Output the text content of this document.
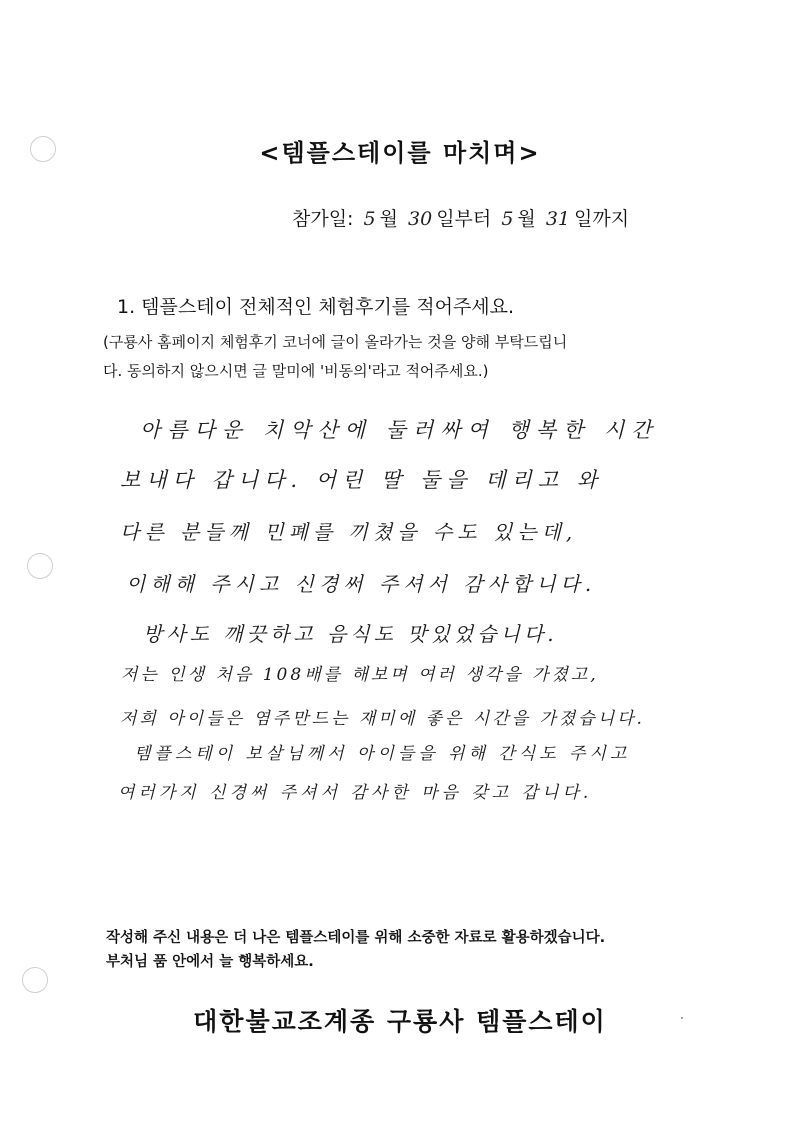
<템플스테이를 마치며>
참가일: 5 월 30 일부터 5 월 31 일까지
1. 템플스테이 전체적인 체험후기를 적어주세요.
(구룡사 홈페이지 체험후기 코너에 글이 올라가는 것을 양해 부탁드립니
다. 동의하지 않으시면 글 말미에 '비동의'라고 적어주세요.)
아름다운 치악산에 둘러싸여 행복한 시간
보내다 갑니다. 어린 딸 둘을 데리고 와
다른 분들께 민폐를 끼쳤을 수도 있는데,
이해해 주시고 신경써 주셔서 감사합니다.
방사도 깨끗하고 음식도 맛있었습니다.
저는 인생 처음 108배를 해보며 여러 생각을 가졌고,
저희 아이들은 염주만드는 재미에 좋은 시간을 가졌습니다.
템플스테이 보살님께서 아이들을 위해 간식도 주시고
여러가지 신경써 주셔서 감사한 마음 갖고 갑니다.
작성해 주신 내용은 더 나은 템플스테이를 위해 소중한 자료로 활용하겠습니다.
부처님 품 안에서 늘 행복하세요.
대한불교조계종 구룡사 템플스테이
